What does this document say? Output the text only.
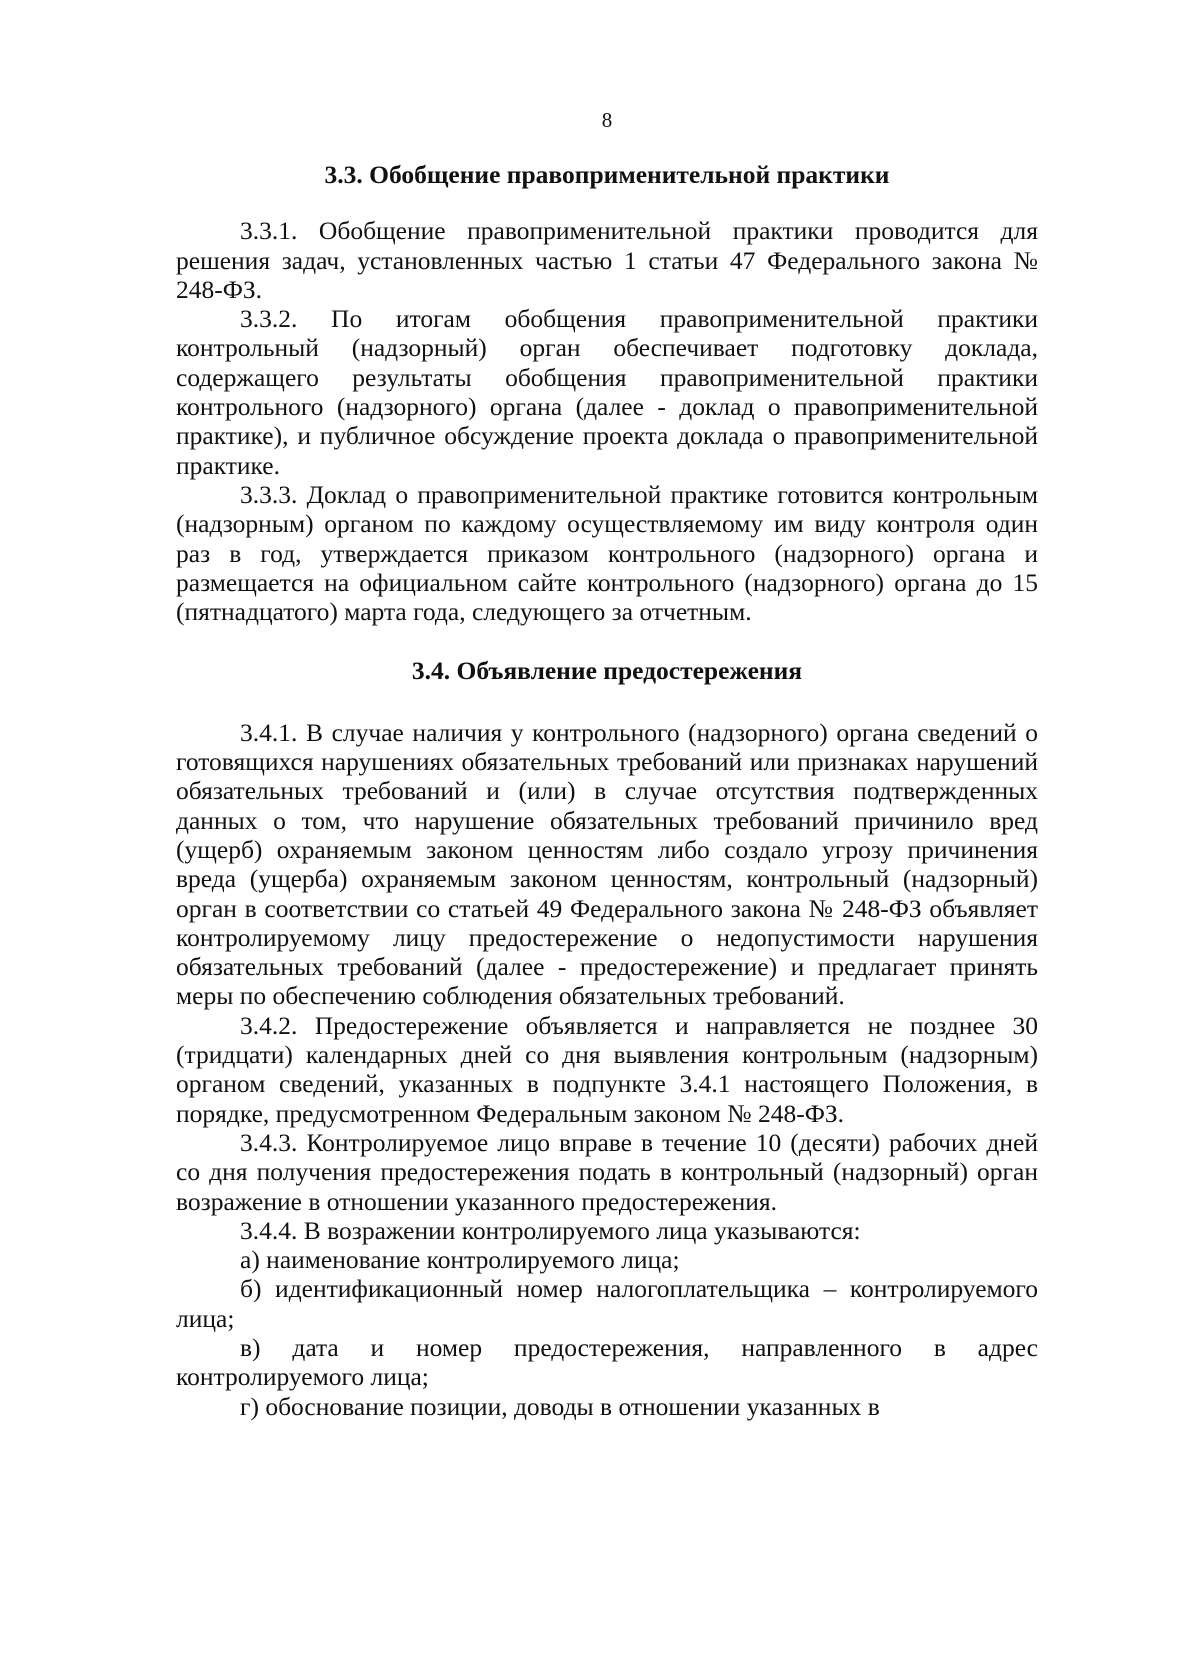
8
3.3. Обобщение правоприменительной практики

3.3.1. Обобщение правоприменительной практики проводится для решения задач, установленных частью 1 статьи 47 Федерального закона № 248-ФЗ.

3.3.2. По итогам обобщения правоприменительной практики контрольный (надзорный) орган обеспечивает подготовку доклада, содержащего результаты обобщения правоприменительной практики контрольного (надзорного) органа (далее - доклад о правоприменительной практике), и публичное обсуждение проекта доклада о правоприменительной практике.

3.3.3. Доклад о правоприменительной практике готовится контрольным (надзорным) органом по каждому осуществляемому им виду контроля один раз в год, утверждается приказом контрольного (надзорного) органа и размещается на официальном сайте контрольного (надзорного) органа до 15 (пятнадцатого) марта года, следующего за отчетным.

3.4. Объявление предостережения

3.4.1. В случае наличия у контрольного (надзорного) органа сведений о готовящихся нарушениях обязательных требований или признаках нарушений обязательных требований и (или) в случае отсутствия подтвержденных данных о том, что нарушение обязательных требований причинило вред (ущерб) охраняемым законом ценностям либо создало угрозу причинения вреда (ущерба) охраняемым законом ценностям, контрольный (надзорный) орган в соответствии со статьей 49 Федерального закона № 248-ФЗ объявляет контролируемому лицу предостережение о недопустимости нарушения обязательных требований (далее - предостережение) и предлагает принять меры по обеспечению соблюдения обязательных требований.

3.4.2. Предостережение объявляется и направляется не позднее 30 (тридцати) календарных дней со дня выявления контрольным (надзорным) органом сведений, указанных в подпункте 3.4.1 настоящего Положения, в порядке, предусмотренном Федеральным законом № 248-ФЗ.

3.4.3. Контролируемое лицо вправе в течение 10 (десяти) рабочих дней со дня получения предостережения подать в контрольный (надзорный) орган возражение в отношении указанного предостережения.

3.4.4. В возражении контролируемого лица указываются:

а) наименование контролируемого лица;

б) идентификационный номер налогоплательщика – контролируемого лица;

в) дата и номер предостережения, направленного в адрес контролируемого лица;

г) обоснование позиции, доводы в отношении указанных в
